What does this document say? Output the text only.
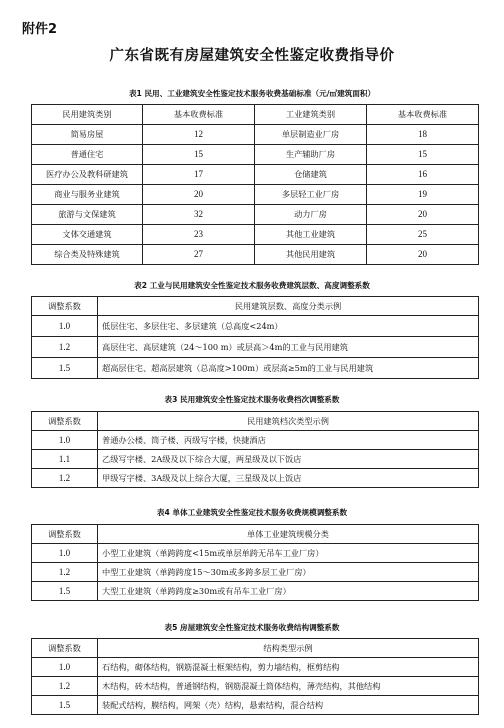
附件2
广东省既有房屋建筑安全性鉴定收费指导价
表1 民用、工业建筑安全性鉴定技术服务收费基础标准（元/㎡建筑面积）
民用建筑类别	基本收费标准	工业建筑类别	基本收费标准
简易房屋	12	单层制造业厂房	18
普通住宅	15	生产辅助厂房	15
医疗办公及教科研建筑	17	仓储建筑	16
商业与服务业建筑	20	多层轻工业厂房	19
旅游与文保建筑	32	动力厂房	20
文体交通建筑	23	其他工业建筑	25
综合类及特殊建筑	27	其他民用建筑	20
表2 工业与民用建筑安全性鉴定技术服务收费建筑层数、高度调整系数
调整系数	民用建筑层数、高度分类示例
1.0	低层住宅、多层住宅、多层建筑（总高度<24m）
1.2	高层住宅、高层建筑（24～100 m）或层高＞4m的工业与民用建筑
1.5	超高层住宅、超高层建筑（总高度>100m）或层高≥5m的工业与民用建筑
表3 民用建筑安全性鉴定技术服务收费档次调整系数
调整系数	民用建筑档次类型示例
1.0	普通办公楼、筒子楼、丙级写字楼，快捷酒店
1.1	乙级写字楼、2A级及以下综合大厦，两星级及以下饭店
1.2	甲级写字楼、3A级及以上综合大厦，三星级及以上饭店
表4 单体工业建筑安全性鉴定技术服务收费规模调整系数
调整系数	单体工业建筑规模分类
1.0	小型工业建筑（单跨跨度<15m或单层单跨无吊车工业厂房）
1.2	中型工业建筑（单跨跨度15～30m或多跨多层工业厂房）
1.5	大型工业建筑（单跨跨度≥30m或有吊车工业厂房）
表5 房屋建筑安全性鉴定技术服务收费结构调整系数
调整系数	结构类型示例
1.0	石结构，砌体结构，钢筋混凝土框架结构，剪力墙结构，框剪结构
1.2	木结构，砖木结构，普通钢结构，钢筋混凝土筒体结构，薄壳结构，其他结构
1.5	装配式结构，膜结构，网架（壳）结构，悬索结构，混合结构
